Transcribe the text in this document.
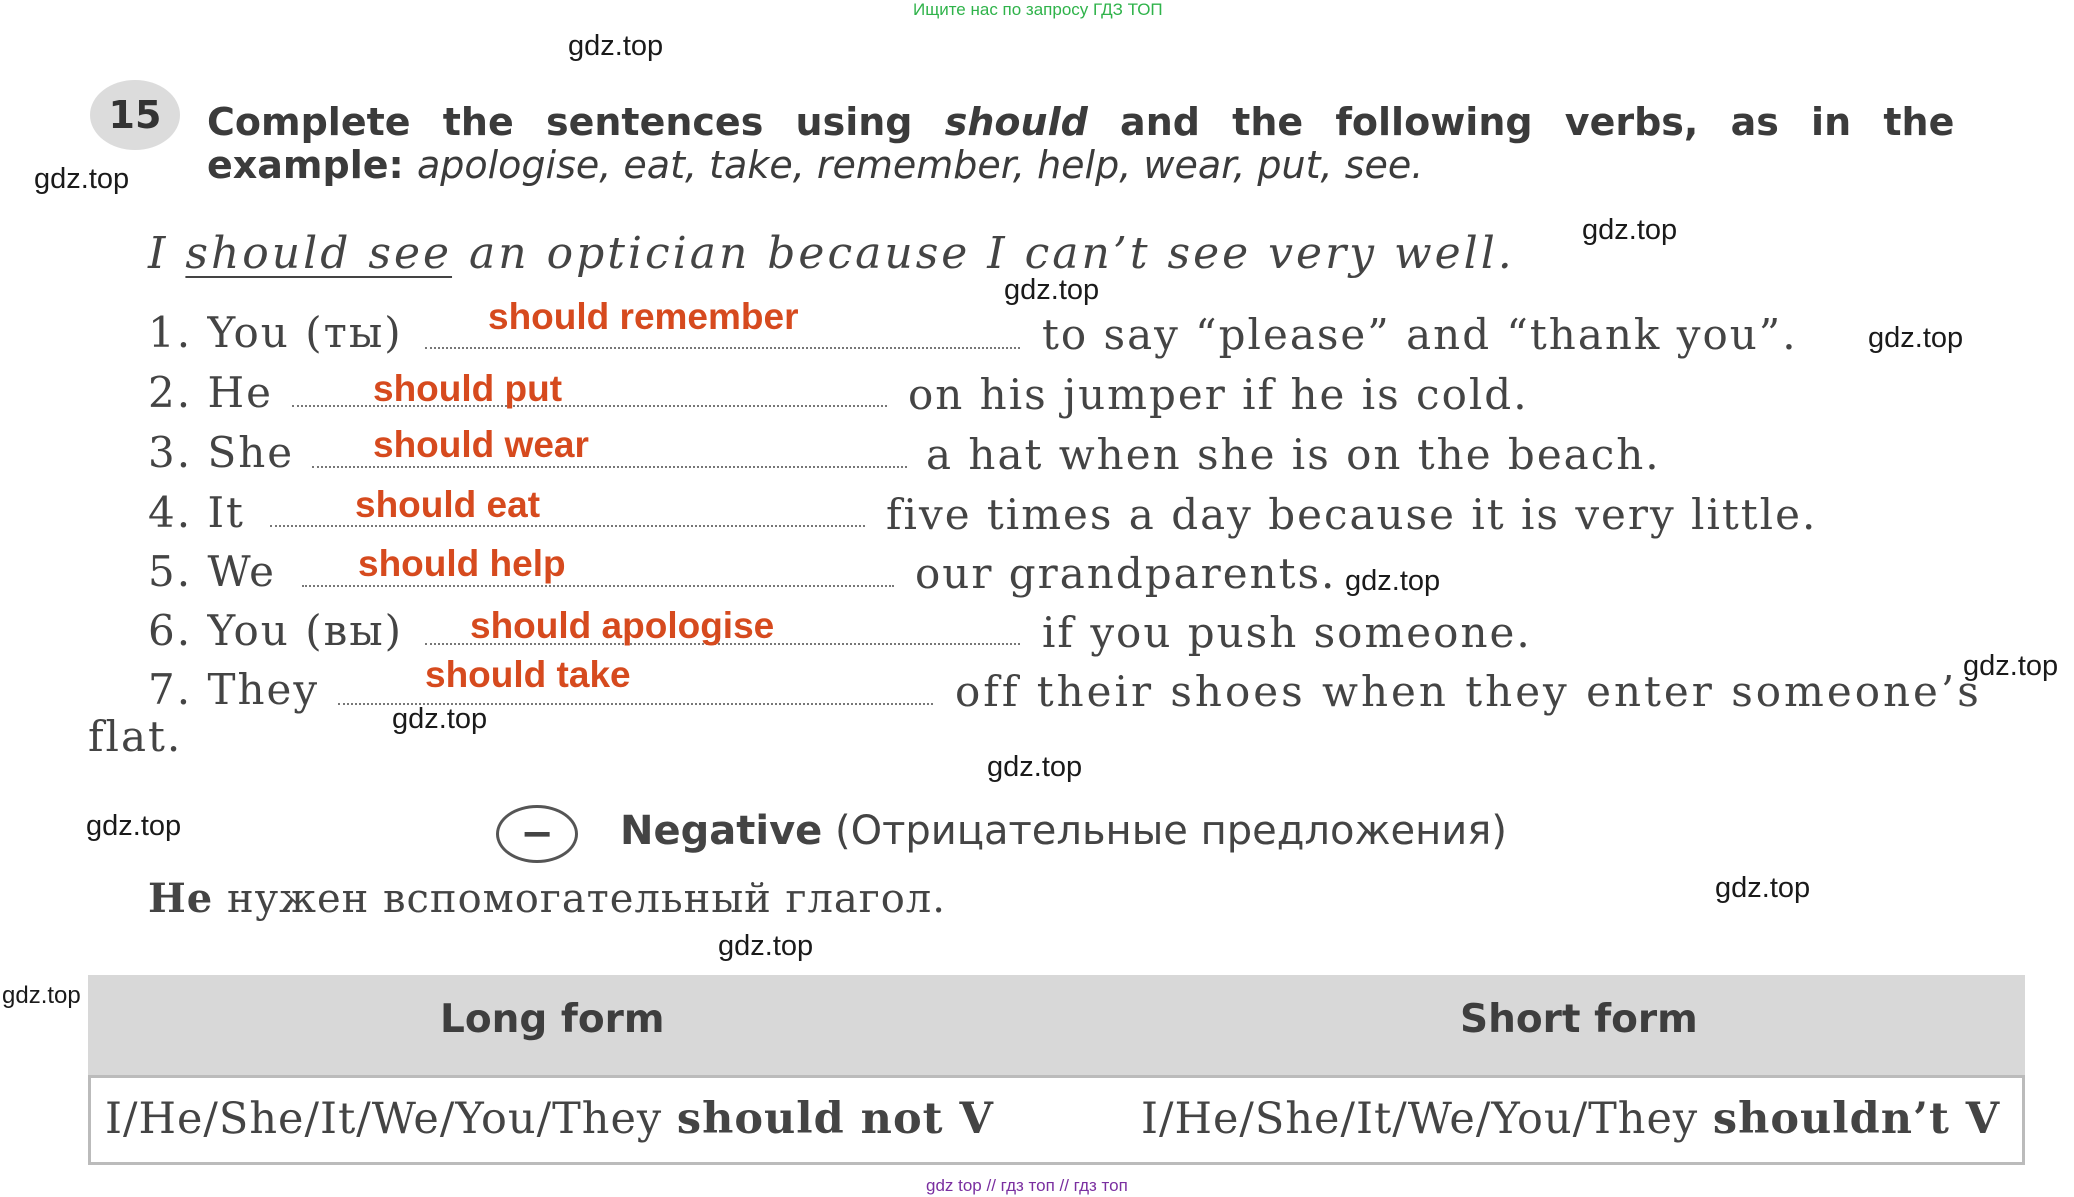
Ищите нас по запросу ГДЗ ТОП
gdz top // гдз топ // гдз топ
gdz.top
gdz.top
gdz.top
gdz.top
gdz.top
gdz.top
gdz.top
gdz.top
gdz.top
gdz.top
gdz.top
gdz.top
gdz.top
15	Complete the sentences using should and the following verbs, as in the
example: apologise, eat, take, remember, help, wear, put, see.
I should see an optician because I can’t see very well.
1. You (ты) should remember	to say “please” and “thank you”.
2. He	should put	on his jumper if he is cold.
3. She should wear	a hat when she is on the beach.
4. It	should eat	five times a day because it is very little.
5. We should help	our grandparents.
6. You (вы) should apologise	if you push someone.
7. They	should take	off their shoes when they enter someone’s
flat.
−	Negative (Отрицательные предложения)
Не нужен вспомогательный глагол.
Long form	Short form
I/He/She/It/We/You/They should not V	I/He/She/It/We/You/They shouldn’t V
